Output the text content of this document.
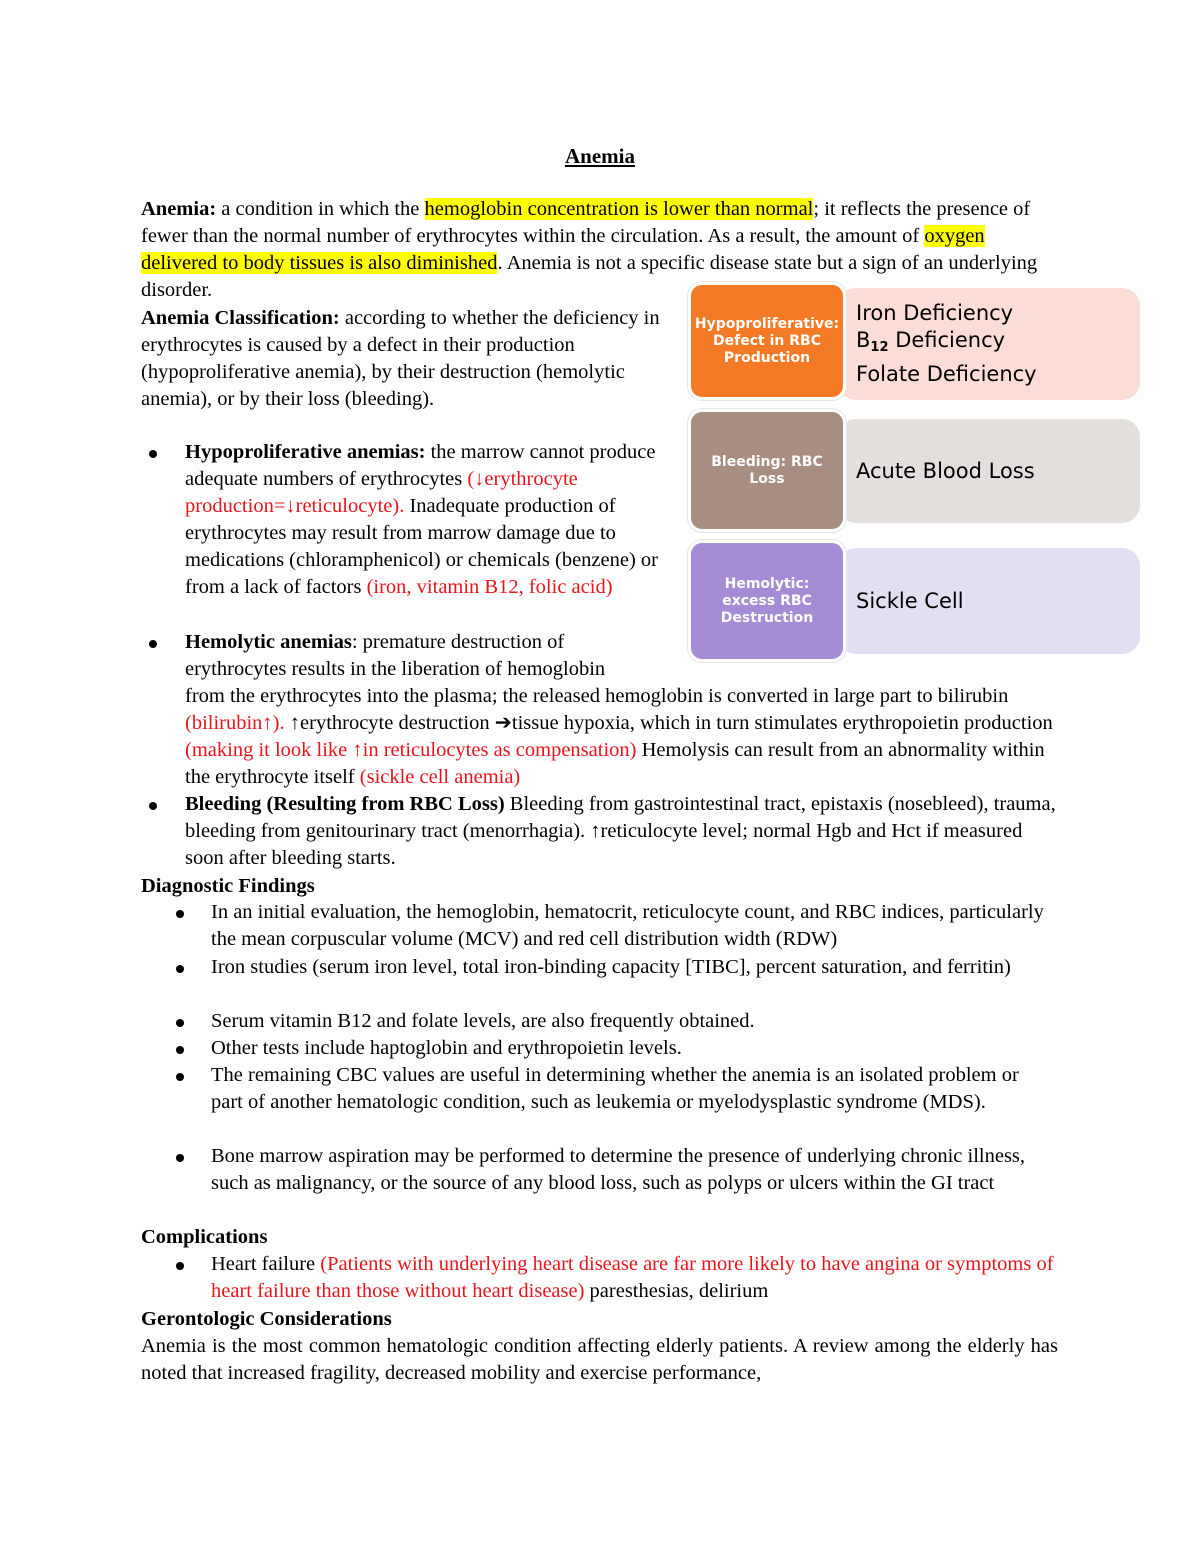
Anemia
Anemia: a condition in which the hemoglobin concentration is lower than normal; it reflects the presence of fewer than the normal number of erythrocytes within the circulation. As a result, the amount of oxygen delivered to body tissues is also diminished. Anemia is not a specific disease state but a sign of an underlying disorder.
Anemia Classification: according to whether the deficiency in erythrocytes is caused by a defect in their production (hypoproliferative anemia), by their destruction (hemolytic anemia), or by their loss (bleeding).
Hypoproliferative anemias: the marrow cannot produce adequate numbers of erythrocytes (↓erythrocyte production=↓reticulocyte). Inadequate production of erythrocytes may result from marrow damage due to medications (chloramphenicol) or chemicals (benzene) or from a lack of factors (iron, vitamin B12, folic acid)
Hemolytic anemias: premature destruction of erythrocytes results in the liberation of hemoglobin
from the erythrocytes into the plasma; the released hemoglobin is converted in large part to bilirubin (bilirubin↑). ↑erythrocyte destruction ➔tissue hypoxia, which in turn stimulates erythropoietin production (making it look like ↑in reticulocytes as compensation) Hemolysis can result from an abnormality within the erythrocyte itself (sickle cell anemia)
Bleeding (Resulting from RBC Loss) Bleeding from gastrointestinal tract, epistaxis (nosebleed), trauma, bleeding from genitourinary tract (menorrhagia). ↑reticulocyte level; normal Hgb and Hct if measured soon after bleeding starts.
Diagnostic Findings
In an initial evaluation, the hemoglobin, hematocrit, reticulocyte count, and RBC indices, particularly the mean corpuscular volume (MCV) and red cell distribution width (RDW)
Iron studies (serum iron level, total iron-binding capacity [TIBC], percent saturation, and ferritin)
Serum vitamin B12 and folate levels, are also frequently obtained.
Other tests include haptoglobin and erythropoietin levels.
The remaining CBC values are useful in determining whether the anemia is an isolated problem or part of another hematologic condition, such as leukemia or myelodysplastic syndrome (MDS).
Bone marrow aspiration may be performed to determine the presence of underlying chronic illness, such as malignancy, or the source of any blood loss, such as polyps or ulcers within the GI tract
Complications
Heart failure (Patients with underlying heart disease are far more likely to have angina or symptoms of heart failure than those without heart disease) paresthesias, delirium
Gerontologic Considerations
Anemia is the most common hematologic condition affecting elderly patients. A review among the elderly has noted that increased fragility, decreased mobility and exercise performance,
Iron Deficiency
$B_{12}$ Deficiency
Folate Deficiency
Hypoproliferative: Defect in RBC Production
Acute Blood Loss
Bleeding: RBC Loss
Sickle Cell
Hemolytic: excess RBC Destruction
